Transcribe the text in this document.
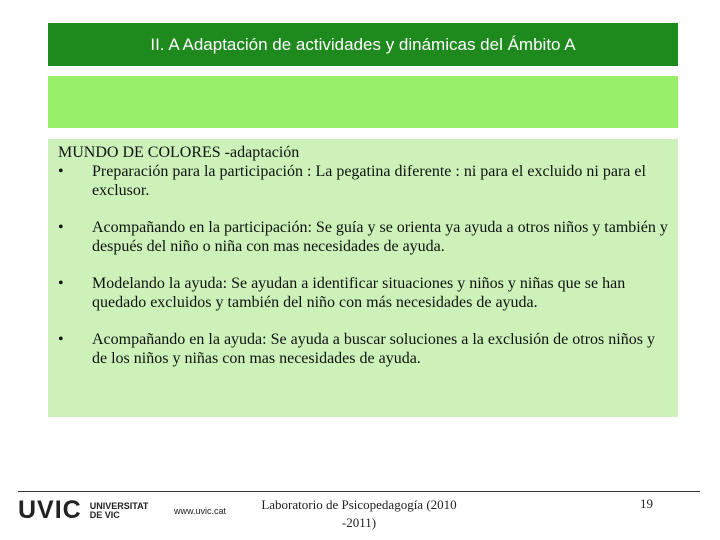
II. A Adaptación de actividades y dinámicas del Ámbito A
MUNDO DE COLORES -adaptación
• Preparación para la participación : La pegatina diferente : ni para el excluido ni para el exclusor.
• Acompañando en la participación: Se guía y se orienta ya ayuda a otros niños y también y después del niño o niña con mas necesidades de ayuda.
• Modelando la ayuda: Se ayudan a identificar situaciones y niños y niñas que se han quedado excluidos y también del niño con más necesidades de ayuda.
• Acompañando en la ayuda: Se ayuda a buscar soluciones a la exclusión de otros niños y de los niños y niñas con mas necesidades de ayuda.
UVIC UNIVERSITAT
DE VIC	www.uvic.cat	Laboratorio de Psicopedagogía (2010
-2011)
19
